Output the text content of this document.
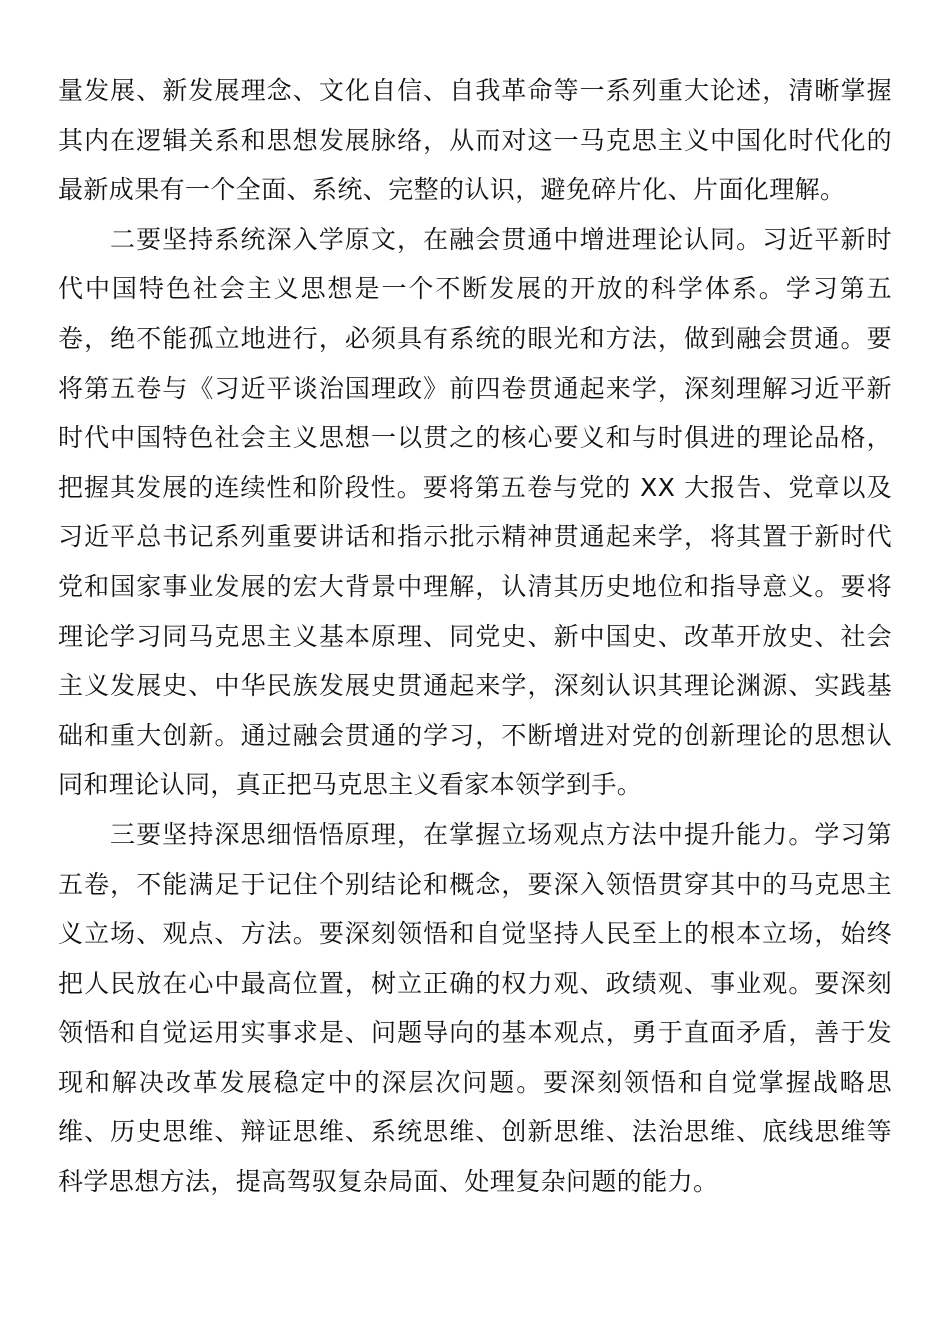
量发展、新发展理念、文化自信、自我革命等一系列重大论述，清晰掌握其内在逻辑关系和思想发展脉络，从而对这一马克思主义中国化时代化的最新成果有一个全面、系统、完整的认识，避免碎片化、片面化理解。

二要坚持系统深入学原文，在融会贯通中增进理论认同。习近平新时代中国特色社会主义思想是一个不断发展的开放的科学体系。学习第五卷，绝不能孤立地进行，必须具有系统的眼光和方法，做到融会贯通。要将第五卷与《习近平谈治国理政》前四卷贯通起来学，深刻理解习近平新时代中国特色社会主义思想一以贯之的核心要义和与时俱进的理论品格，把握其发展的连续性和阶段性。要将第五卷与党的 XX 大报告、党章以及习近平总书记系列重要讲话和指示批示精神贯通起来学，将其置于新时代党和国家事业发展的宏大背景中理解，认清其历史地位和指导意义。要将理论学习同马克思主义基本原理、同党史、新中国史、改革开放史、社会主义发展史、中华民族发展史贯通起来学，深刻认识其理论渊源、实践基础和重大创新。通过融会贯通的学习，不断增进对党的创新理论的思想认同和理论认同，真正把马克思主义看家本领学到手。

三要坚持深思细悟悟原理，在掌握立场观点方法中提升能力。学习第五卷，不能满足于记住个别结论和概念，要深入领悟贯穿其中的马克思主义立场、观点、方法。要深刻领悟和自觉坚持人民至上的根本立场，始终把人民放在心中最高位置，树立正确的权力观、政绩观、事业观。要深刻领悟和自觉运用实事求是、问题导向的基本观点，勇于直面矛盾，善于发现和解决改革发展稳定中的深层次问题。要深刻领悟和自觉掌握战略思维、历史思维、辩证思维、系统思维、创新思维、法治思维、底线思维等科学思想方法，提高驾驭复杂局面、处理复杂问题的能力。
